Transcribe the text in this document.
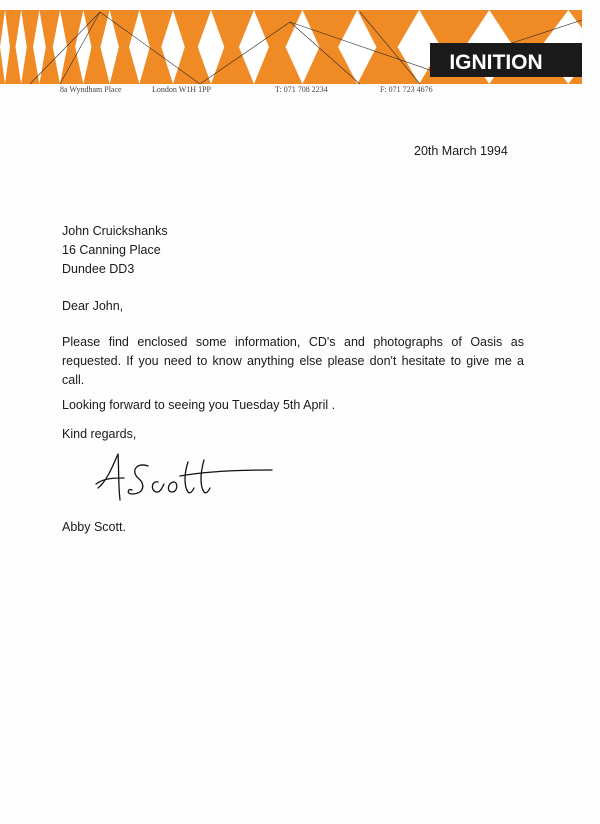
IGNITION
8a Wyndham Place	London W1H 1PP	T: 071 708 2234	F: 071 723 4676
20th March 1994
John Cruickshanks
16 Canning Place
Dundee DD3
Dear John,
Please find enclosed some information, CD's and photographs of Oasis as requested. If you need to know anything else please don't hesitate to give me a call.
Looking forward to seeing you Tuesday 5th April .
Kind regards,
Abby Scott.
